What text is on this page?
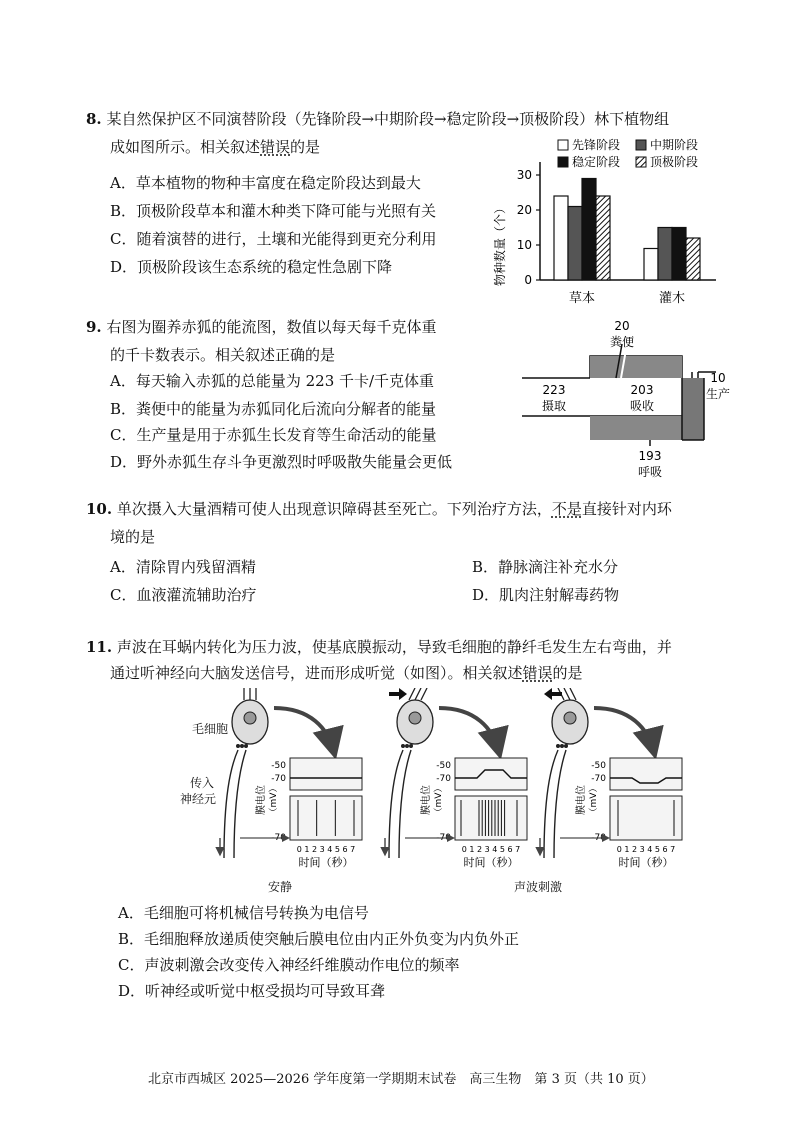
8. 某自然保护区不同演替阶段（先锋阶段→中期阶段→稳定阶段→顶极阶段）林下植物组
成如图所示。相关叙述错误的是
A．草本植物的物种丰富度在稳定阶段达到最大
B．顶极阶段草本和灌木种类下降可能与光照有关
C．随着演替的进行，土壤和光能得到更充分利用
D．顶极阶段该生态系统的稳定性急剧下降
先锋阶段 中期阶段
稳定阶段 顶极阶段
物种数量（个） 0
10
20
30
草本	灌木
9. 右图为圈养赤狐的能流图，数值以每天每千克体重
的千卡数表示。相关叙述正确的是
A．每天输入赤狐的总能量为 223 千卡/千克体重
B．粪便中的能量为赤狐同化后流向分解者的能量
C．生产量是用于赤狐生长发育等生命活动的能量
D．野外赤狐生存斗争更激烈时呼吸散失能量会更低
20
粪便
223
摄取
203
吸收
10
生产
193
呼吸
10. 单次摄入大量酒精可使人出现意识障碍甚至死亡。下列治疗方法，不是直接针对内环
境的是
A．清除胃内残留酒精	B．静脉滴注补充水分
C．血液灌流辅助治疗	D．肌肉注射解毒药物
11. 声波在耳蜗内转化为压力波，使基底膜振动，导致毛细胞的静纤毛发生左右弯曲，并
通过听神经向大脑发送信号，进而形成听觉（如图）。相关叙述错误的是
毛细胞
传入
神经元
-50
-70
-70
0 1 2 3 4 5 6 7
时间（秒）
膜电位 （mV）
-50
-70
-70
0 1 2 3 4 5 6 7
时间（秒）
膜电位 （mV）
-50
-70
-70
0 1 2 3 4 5 6 7
时间（秒）
膜电位 （mV）
安静	声波刺激
A．毛细胞可将机械信号转换为电信号
B．毛细胞释放递质使突触后膜电位由内正外负变为内负外正
C．声波刺激会改变传入神经纤维膜动作电位的频率
D．听神经或听觉中枢受损均可导致耳聋
北京市西城区 2025—2026 学年度第一学期期末试卷　高三生物　第 3 页（共 10 页）
